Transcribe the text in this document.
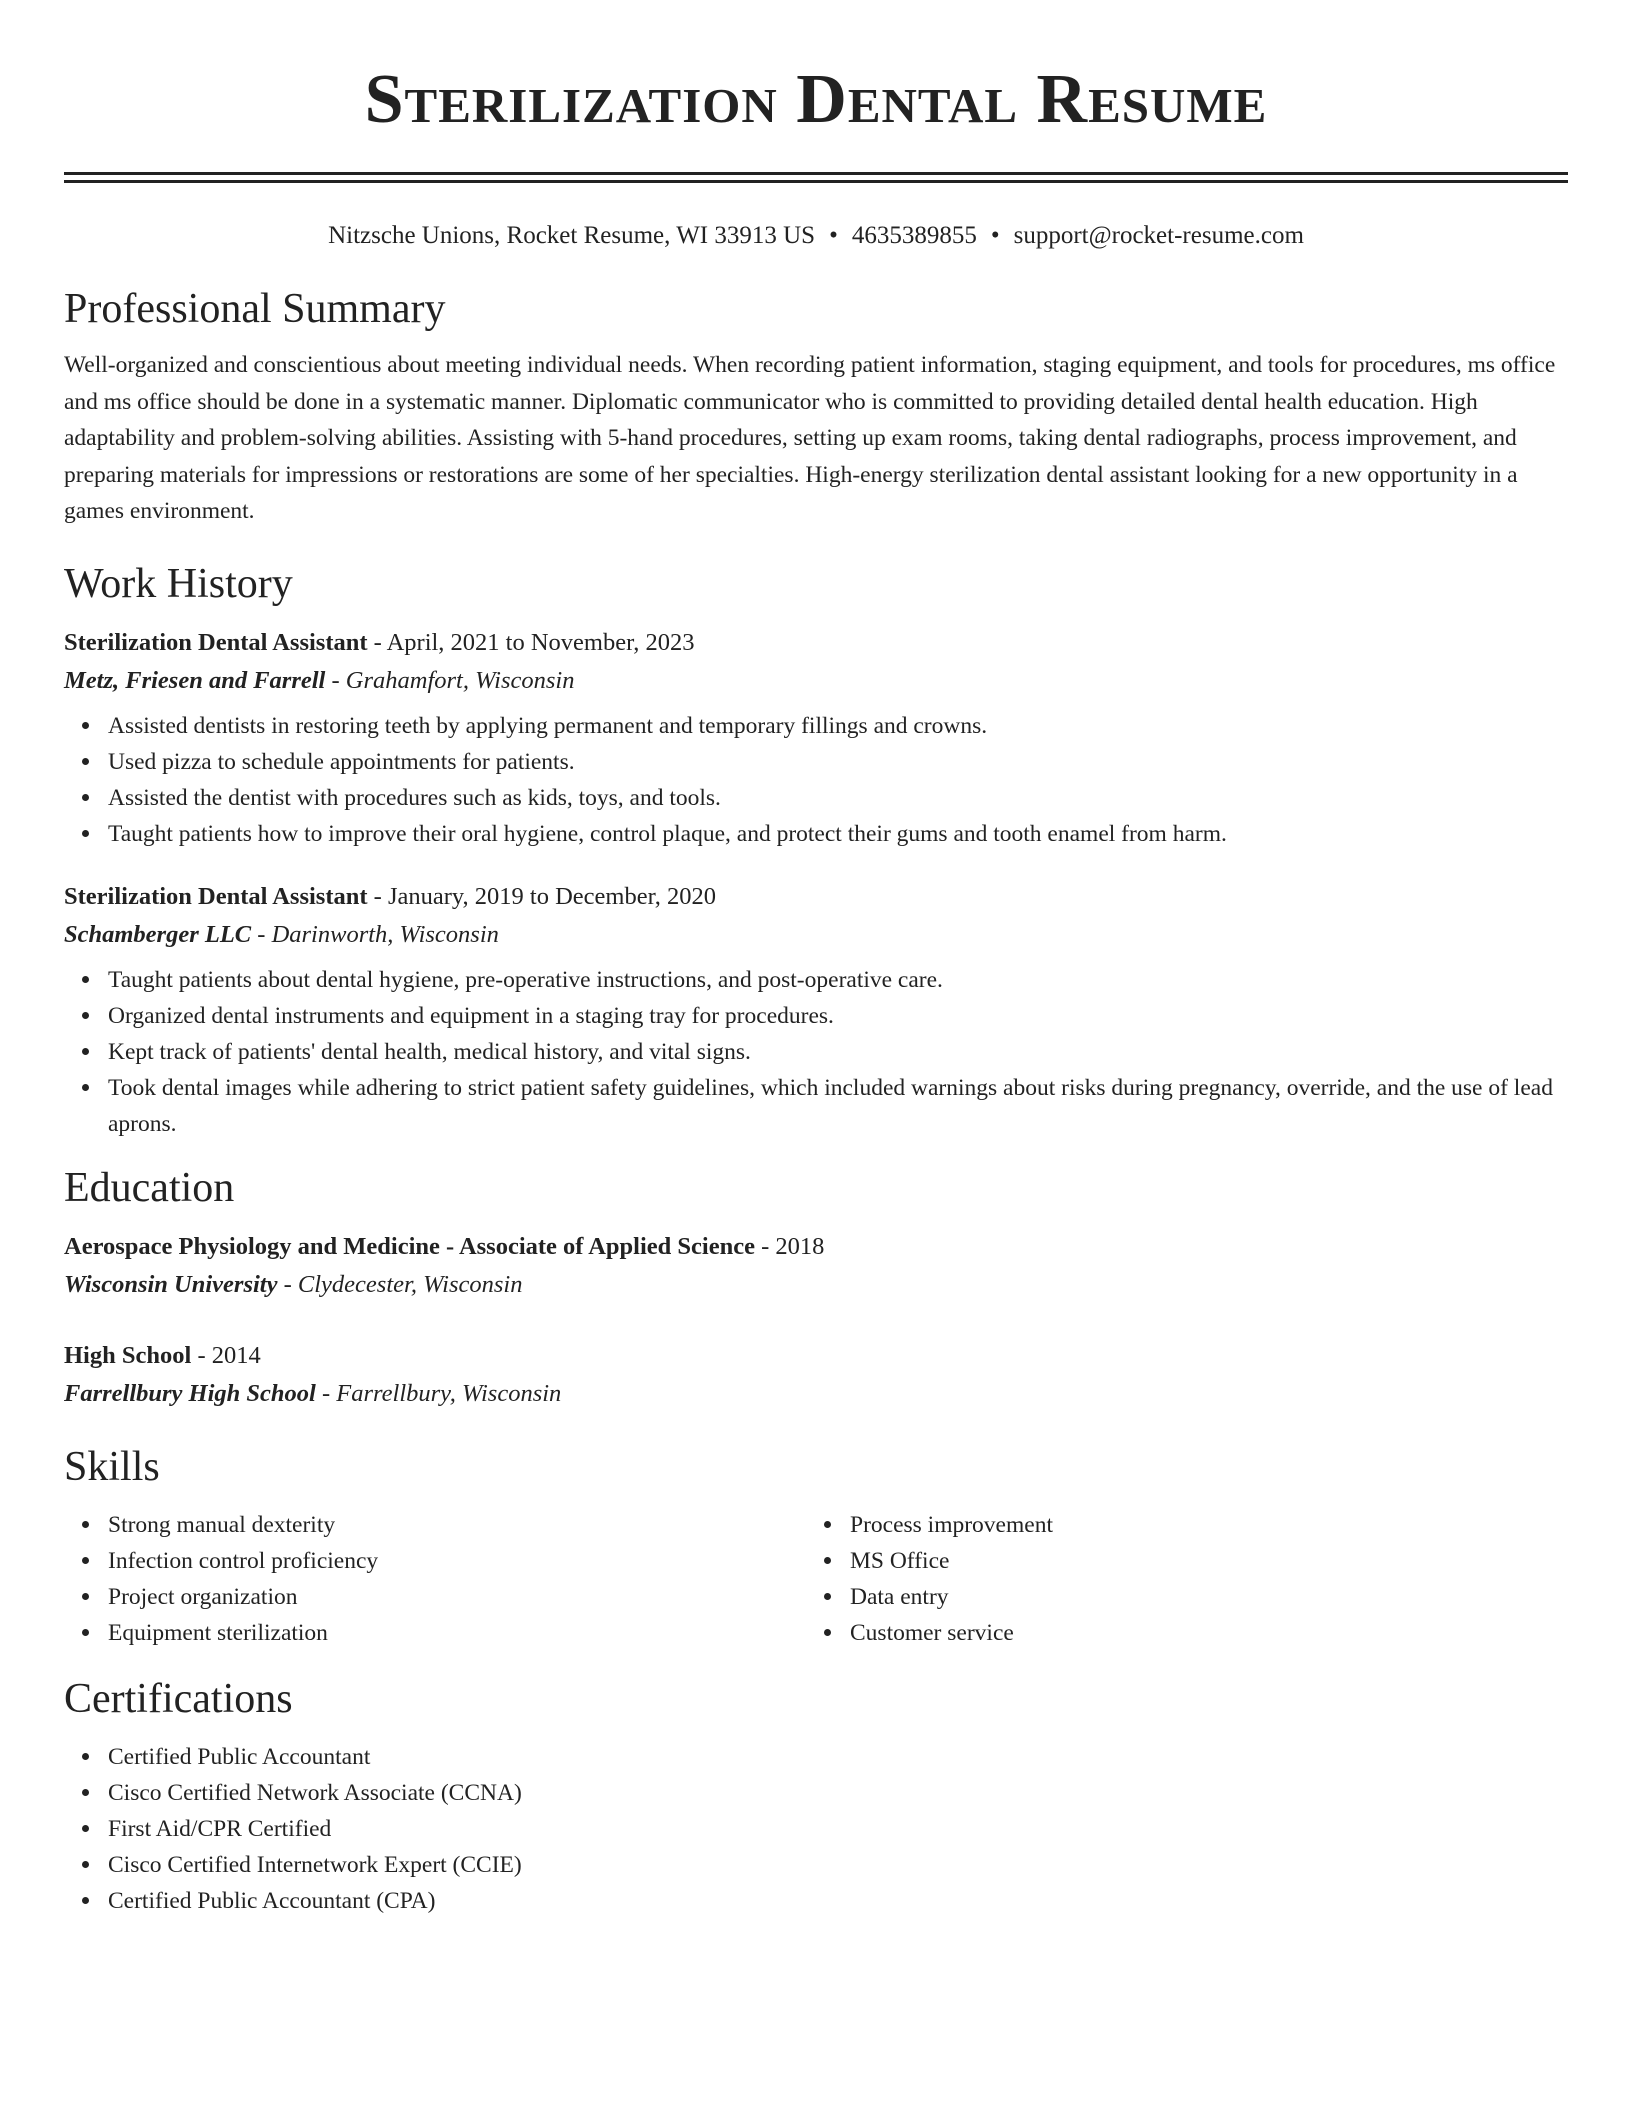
Sterilization Dental Resume
Nitzsche Unions, Rocket Resume, WI 33913 US • 4635389855 • support@rocket-resume.com
Professional Summary

Well-organized and conscientious about meeting individual needs. When recording patient information, staging equipment, and tools for procedures, ms office and ms office should be done in a systematic manner. Diplomatic communicator who is committed to providing detailed dental health education. High adaptability and problem-solving abilities. Assisting with 5-hand procedures, setting up exam rooms, taking dental radiographs, process improvement, and preparing materials for impressions or restorations are some of her specialties. High-energy sterilization dental assistant looking for a new opportunity in a games environment.

Work History

Sterilization Dental Assistant - April, 2021 to November, 2023

Metz, Friesen and Farrell - Grahamfort, Wisconsin

Assisted dentists in restoring teeth by applying permanent and temporary fillings and crowns.
Used pizza to schedule appointments for patients.
Assisted the dentist with procedures such as kids, toys, and tools.
Taught patients how to improve their oral hygiene, control plaque, and protect their gums and tooth enamel from harm.

Sterilization Dental Assistant - January, 2019 to December, 2020

Schamberger LLC - Darinworth, Wisconsin

Taught patients about dental hygiene, pre-operative instructions, and post-operative care.
Organized dental instruments and equipment in a staging tray for procedures.
Kept track of patients' dental health, medical history, and vital signs.
Took dental images while adhering to strict patient safety guidelines, which included warnings about risks during pregnancy, override, and the use of lead aprons.
Education

Aerospace Physiology and Medicine - Associate of Applied Science - 2018

Wisconsin University - Clydecester, Wisconsin

High School - 2014

Farrellbury High School - Farrellbury, Wisconsin

Skills
Strong manual dexterity
Infection control proficiency
Project organization
Equipment sterilization
Process improvement
MS Office
Data entry
Customer service
Certifications
Certified Public Accountant
Cisco Certified Network Associate (CCNA)
First Aid/CPR Certified
Cisco Certified Internetwork Expert (CCIE)
Certified Public Accountant (CPA)
